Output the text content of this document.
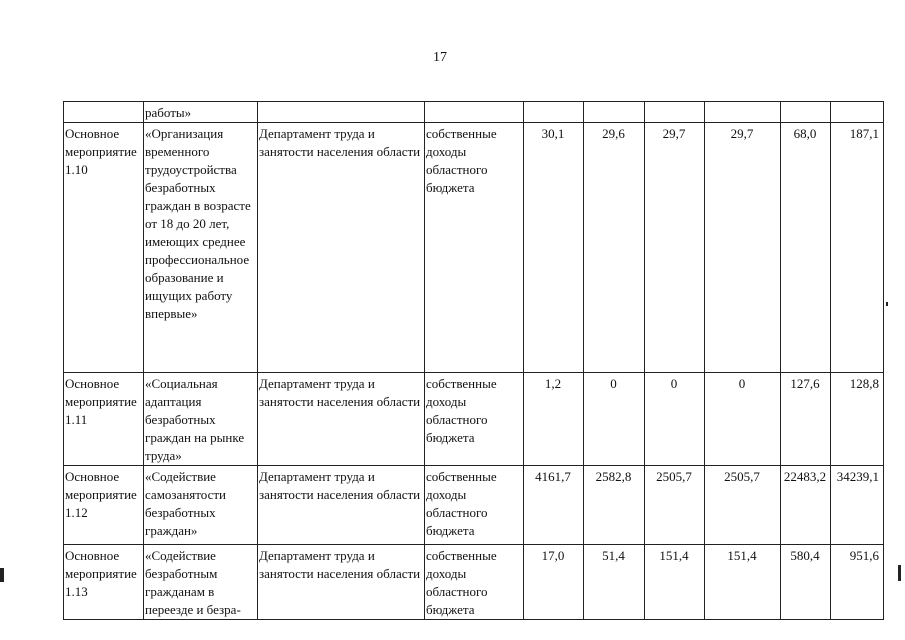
17
	работы»								
Основное мероприятие 1.10	«Организация временного трудоустройства безработных граждан в возрасте от 18 до 20 лет, имеющих среднее профессиональное образование и ищущих работу впервые»	Департамент труда и занятости населения области	собственные доходы областного бюджета	30,1	29,6	29,7	29,7	68,0	187,1
Основное мероприятие 1.11	«Социальная адаптация безработных граждан на рынке труда»	Департамент труда и занятости населения области	собственные доходы областного бюджета	1,2	0	0	0	127,6	128,8
Основное мероприятие 1.12	«Содействие самозанятости безработных граждан»	Департамент труда и занятости населения области	собственные доходы областного бюджета	4161,7	2582,8	2505,7	2505,7	22483,2	34239,1
Основное мероприятие 1.13	«Содействие безработным гражданам в переезде и безра-	Департамент труда и занятости населения области	собственные доходы областного бюджета	17,0	51,4	151,4	151,4	580,4	951,6
